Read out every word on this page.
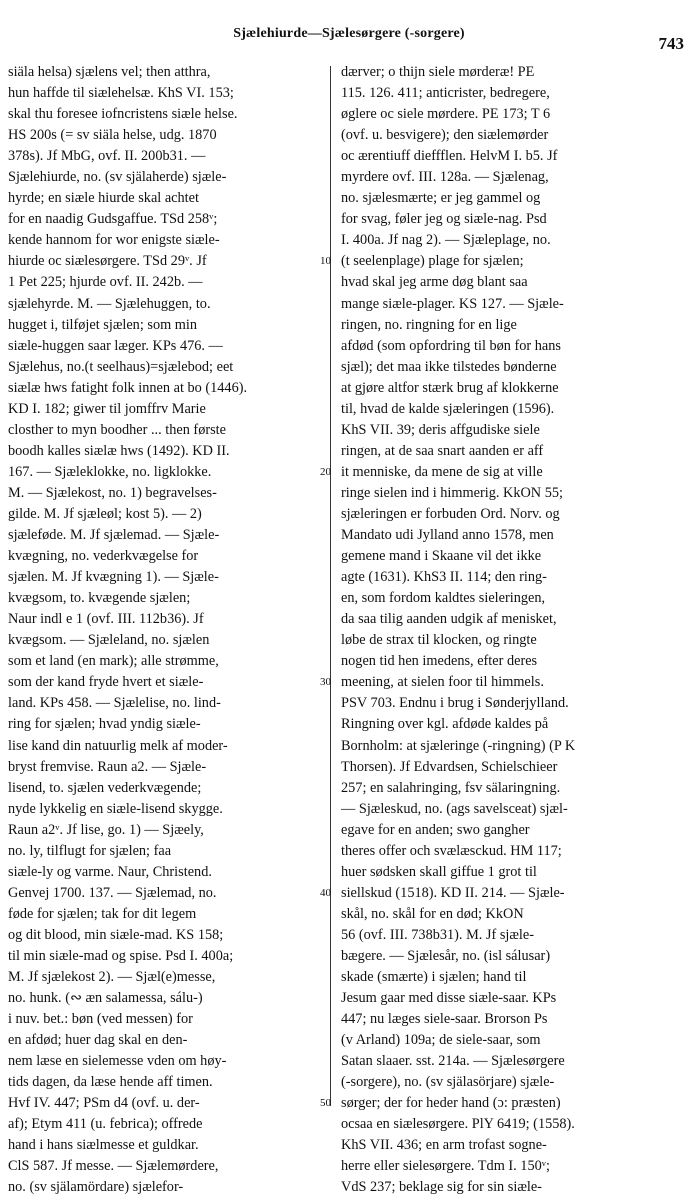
Sjælehiurde—Sjælesørgere (-sorgere)
743
siäla helsa) sjælens vel; then atthra,
hun haffde til siælehelsæ. KhS VI. 153;
skal thu foresee iofncristens siæle helse.
HS 200s (= sv siäla helse, udg. 1870
378s). Jf MbG, ovf. II. 200b31. —
Sjælehiurde, no. (sv själaherde) sjæle-
hyrde; en siæle hiurde skal achtet
for en naadig Gudsgaffue. TSd 258ᵛ;
kende hannom for wor enigste siæle-
hiurde oc siælesørgere. TSd 29ᵛ. Jf
1 Pet 225; hjurde ovf. II. 242b. —
sjælehyrde. M. — Sjælehuggen, to.
hugget i, tilføjet sjælen; som min
siæle-huggen saar læger. KPs 476. —
Sjælehus, no.(t seelhaus)=sjælebod; eet
siælæ hws fatight folk innen at bo (1446).
KD I. 182; giwer til jomffrv Marie
closther to myn boodher ... then første
boodh kalles siælæ hws (1492). KD II.
167. — Sjæleklokke, no. ligklokke.
M. — Sjælekost, no. 1) begravelses-
gilde. M. Jf sjæleøl; kost 5). — 2)
sjæleføde. M. Jf sjælemad. — Sjæle-
kvægning, no. vederkvægelse for
sjælen. M. Jf kvægning 1). — Sjæle-
kvægsom, to. kvægende sjælen;
Naur indl e 1 (ovf. III. 112b36). Jf
kvægsom. — Sjæleland, no. sjælen
som et land (en mark); alle strømme,
som der kand fryde hvert et siæle-
land. KPs 458. — Sjælelise, no. lind-
ring for sjælen; hvad yndig siæle-
lise kand din natuurlig melk af moder-
bryst fremvise. Raun a2. — Sjæle-
lisend, to. sjælen vederkvægende;
nyde lykkelig en siæle-lisend skygge.
Raun a2ᵛ. Jf lise, go. 1) — Sjæely,
no. ly, tilflugt for sjælen; faa
siæle-ly og varme. Naur, Christend.
Genvej 1700. 137. — Sjælemad, no.
føde for sjælen; tak for dit legem
og dit blood, min siæle-mad. KS 158;
til min siæle-mad og spise. Psd I. 400a;
M. Jf sjælekost 2). — Sjæl(e)messe,
no. hunk. (∾ æn salamessa, sálu-)
i nuv. bet.: bøn (ved messen) for
en afdød; huer dag skal en den-
nem læse en sielemesse vden om høy-
tids dagen, da læse hende aff timen.
Hvf IV. 447; PSm d4 (ovf. u. der-
af); Etym 411 (u. febrica); offrede
hand i hans siælmesse et guldkar.
ClS 587. Jf messe. — Sjælemørdere,
no. (sv själamördare) sjælefor-
10
20
30
40
50
dærver; o thijn siele mørderæ! PE
115. 126. 411; anticrister, bedregere,
øglere oc siele mørdere. PE 173; T 6
(ovf. u. besvigere); den siælemørder
oc ærentiuff dieffflen. HelvM I. b5. Jf
myrdere ovf. III. 128a. — Sjælenag,
no. sjælesmærte; er jeg gammel og
for svag, føler jeg og siæle-nag. Psd
I. 400a. Jf nag 2). — Sjæleplage, no.
(t seelenplage) plage for sjælen;
hvad skal jeg arme døg blant saa
mange siæle-plager. KS 127. — Sjæle-
ringen, no. ringning for en lige
afdød (som opfordring til bøn for hans
sjæl); det maa ikke tilstedes bønderne
at gjøre altfor stærk brug af klokkerne
til, hvad de kalde sjæleringen (1596).
KhS VII. 39; deris affgudiske siele
ringen, at de saa snart aanden er aff
it menniske, da mene de sig at ville
ringe sielen ind i himmerig. KkON 55;
sjæleringen er forbuden Ord. Norv. og
Mandato udi Jylland anno 1578, men
gemene mand i Skaane vil det ikke
agte (1631). KhS3 II. 114; den ring-
en, som fordom kaldtes sieleringen,
da saa tilig aanden udgik af menisket,
løbe de strax til klocken, og ringte
nogen tid hen imedens, efter deres
meening, at sielen foor til himmels.
PSV 703. Endnu i brug i Sønderjylland.
Ringning over kgl. afdøde kaldes på
Bornholm: at sjæleringe (-ringning) (P K
Thorsen). Jf Edvardsen, Schielschieer
257; en salahringing, fsv sälaringning.
— Sjæleskud, no. (ags savelsceat) sjæl-
egave for en anden; swo gangher
theres offer och svælæsckud. HM 117;
huer sødsken skall giffue 1 grot til
siellskud (1518). KD II. 214. — Sjæle-
skål, no. skål for en død; KkON
56 (ovf. III. 738b31). M. Jf sjæle-
bægere. — Sjælesår, no. (isl sálusar)
skade (smærte) i sjælen; hand til
Jesum gaar med disse siæle-saar. KPs
447; nu læges siele-saar. Brorson Ps
(v Arland) 109a; de siele-saar, som
Satan slaaer. sst. 214a. — Sjælesørgere
(-sorgere), no. (sv själasörjare) sjæle-
sørger; der for heder hand (ɔ: præsten)
ocsaa en siælesørgere. PlY 6419; (1558).
KhS VII. 436; en arm trofast sogne-
herre eller sielesørgere. Tdm I. 150ᵛ;
VdS 237; beklage sig for sin siæle-
